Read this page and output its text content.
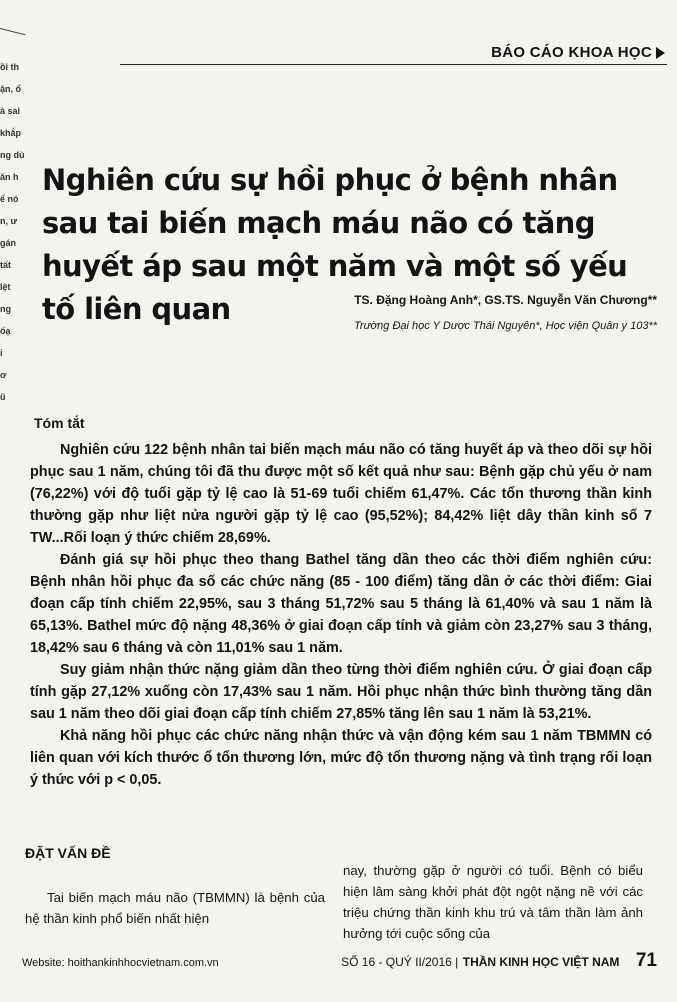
ồi th
ận, ổ
à sai
khắp
ng dù
ăn h
ể nó
n, ư
gán
tất
lệt
ng
ốạ
ỉ
ơ
ũ
BÁO CÁO KHOA HỌC
Nghiên cứu sự hồi phục ở bệnh nhân sau tai biến mạch máu não có tăng huyết áp sau một năm và một số yếu tố liên quan	TS. Đặng Hoàng Anh*, GS.TS. Nguyễn Văn Chương**
Trường Đại học Y Dược Thái Nguyên*, Học viện Quân y 103**
Tóm tắt

Nghiên cứu 122 bệnh nhân tai biến mạch máu não có tăng huyết áp và theo dõi sự hồi phục sau 1 năm, chúng tôi đã thu được một số kết quả như sau: Bệnh gặp chủ yếu ở nam (76,22%) với độ tuổi gặp tỷ lệ cao là 51-69 tuổi chiếm 61,47%. Các tổn thương thần kinh thường gặp như liệt nửa người gặp tỷ lệ cao (95,52%); 84,42% liệt dây thần kinh số 7 TW...Rối loạn ý thức chiếm 28,69%.

Đánh giá sự hồi phục theo thang Bathel tăng dần theo các thời điểm nghiên cứu: Bệnh nhân hồi phục đa số các chức năng (85 - 100 điểm) tăng dần ở các thời điểm: Giai đoạn cấp tính chiếm 22,95%, sau 3 tháng 51,72% sau 5 tháng là 61,40% và sau 1 năm là 65,13%. Bathel mức độ nặng 48,36% ở giai đoạn cấp tính và giảm còn 23,27% sau 3 tháng, 18,42% sau 6 tháng và còn 11,01% sau 1 năm.

Suy giảm nhận thức nặng giảm dần theo từng thời điểm nghiên cứu. Ở giai đoạn cấp tính gặp 27,12% xuống còn 17,43% sau 1 năm. Hồi phục nhận thức bình thường tăng dần sau 1 năm theo dõi giai đoạn cấp tính chiếm 27,85% tăng lên sau 1 năm là 53,21%.

Khả năng hồi phục các chức năng nhận thức và vận động kém sau 1 năm TBMMN có liên quan với kích thước ổ tổn thương lớn, mức độ tổn thương nặng và tình trạng rối loạn ý thức với p < 0,05.

ĐẶT VẤN ĐỀ

Tai biến mạch máu não (TBMMN) là bệnh của hệ thần kinh phổ biến nhất hiện

nay, thường gặp ở người có tuổi. Bệnh có biểu hiện lâm sàng khởi phát đột ngột nặng nề với các triệu chứng thần kinh khu trú và tâm thần làm ảnh hưởng tới cuộc sống của

Website: hoithankinhhocvietnam.com.vn	SỐ 16 - QUÝ II/2016 | THẦN KINH HỌC VIỆT NAM 71
